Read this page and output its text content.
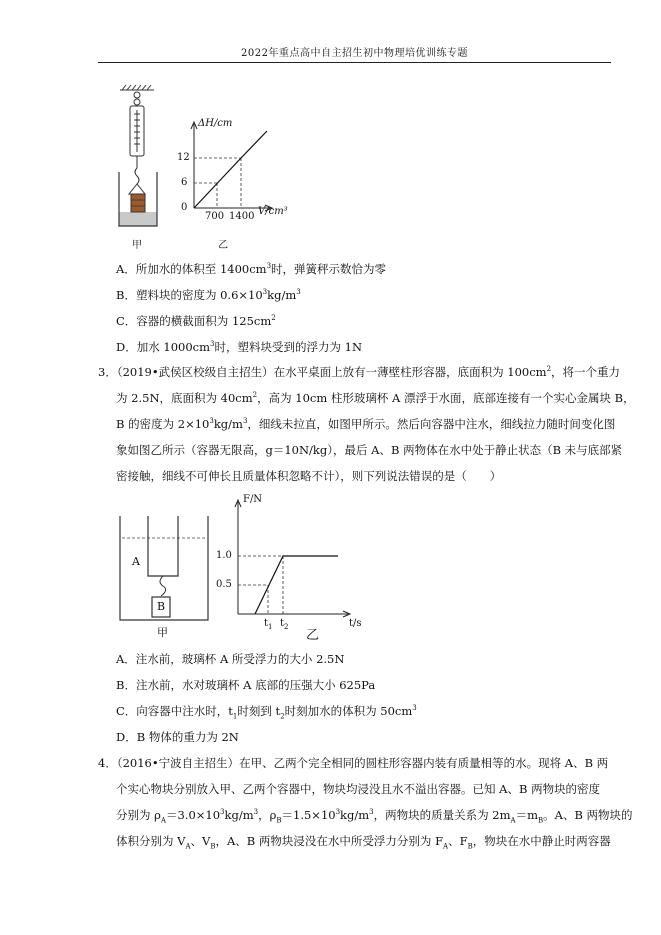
2022年重点高中自主招生初中物理培优训练专题
ΔH/cm
12
6
0
700 1400 V/cm³
甲	乙
A．所加水的体积至 $1400cm^3$时，弹簧秤示数恰为零
B．塑料块的密度为 $0.6\times 10^3kg/m^3$
C．容器的横截面积为 $125cm^2$
D．加水 $1000cm^3$时，塑料块受到的浮力为 1N
3．（2019•武侯区校级自主招生）在水平桌面上放有一薄壁柱形容器，底面积为 $100cm^2$，将一个重力
为 2.5N，底面积为 $40cm^2$，高为 10cm 柱形玻璃杯 A 漂浮于水面，底部连接有一个实心金属块 B，
B 的密度为 $2\times 10^3kg/m^3$，细线未拉直，如图甲所示。然后向容器中注水，细线拉力随时间变化图
象如图乙所示（容器无限高，g＝10N/kg），最后 A、B 两物体在水中处于静止状态（B 未与底部紧
密接触，细线不可伸长且质量体积忽略不计），则下列说法错误的是（　　）
A
B
甲
F/N
1.0
0.5
$t_1$ $t_2$
乙
t/s
A．注水前，玻璃杯 A 所受浮力的大小 2.5N
B．注水前，水对玻璃杯 A 底部的压强大小 625Pa
C．向容器中注水时，$t_1$时刻到 $t_2$时刻加水的体积为 $50cm^3$
D．B 物体的重力为 2N
4．（2016•宁波自主招生）在甲、乙两个完全相同的圆柱形容器内装有质量相等的水。现将 A、B 两
个实心物块分别放入甲、乙两个容器中，物块均浸没且水不溢出容器。已知 A、B 两物块的密度
分别为 $\rho_A=3.0\times 10^3kg/m^3$，$\rho_B=1.5\times 10^3kg/m^3$，两物块的质量关系为 $2m_A=m_B$。A、B 两物块的
体积分别为 $V_A$、$V_B$，A、B 两物块浸没在水中所受浮力分别为 $F_A$、$F_B$，物块在水中静止时两容器
